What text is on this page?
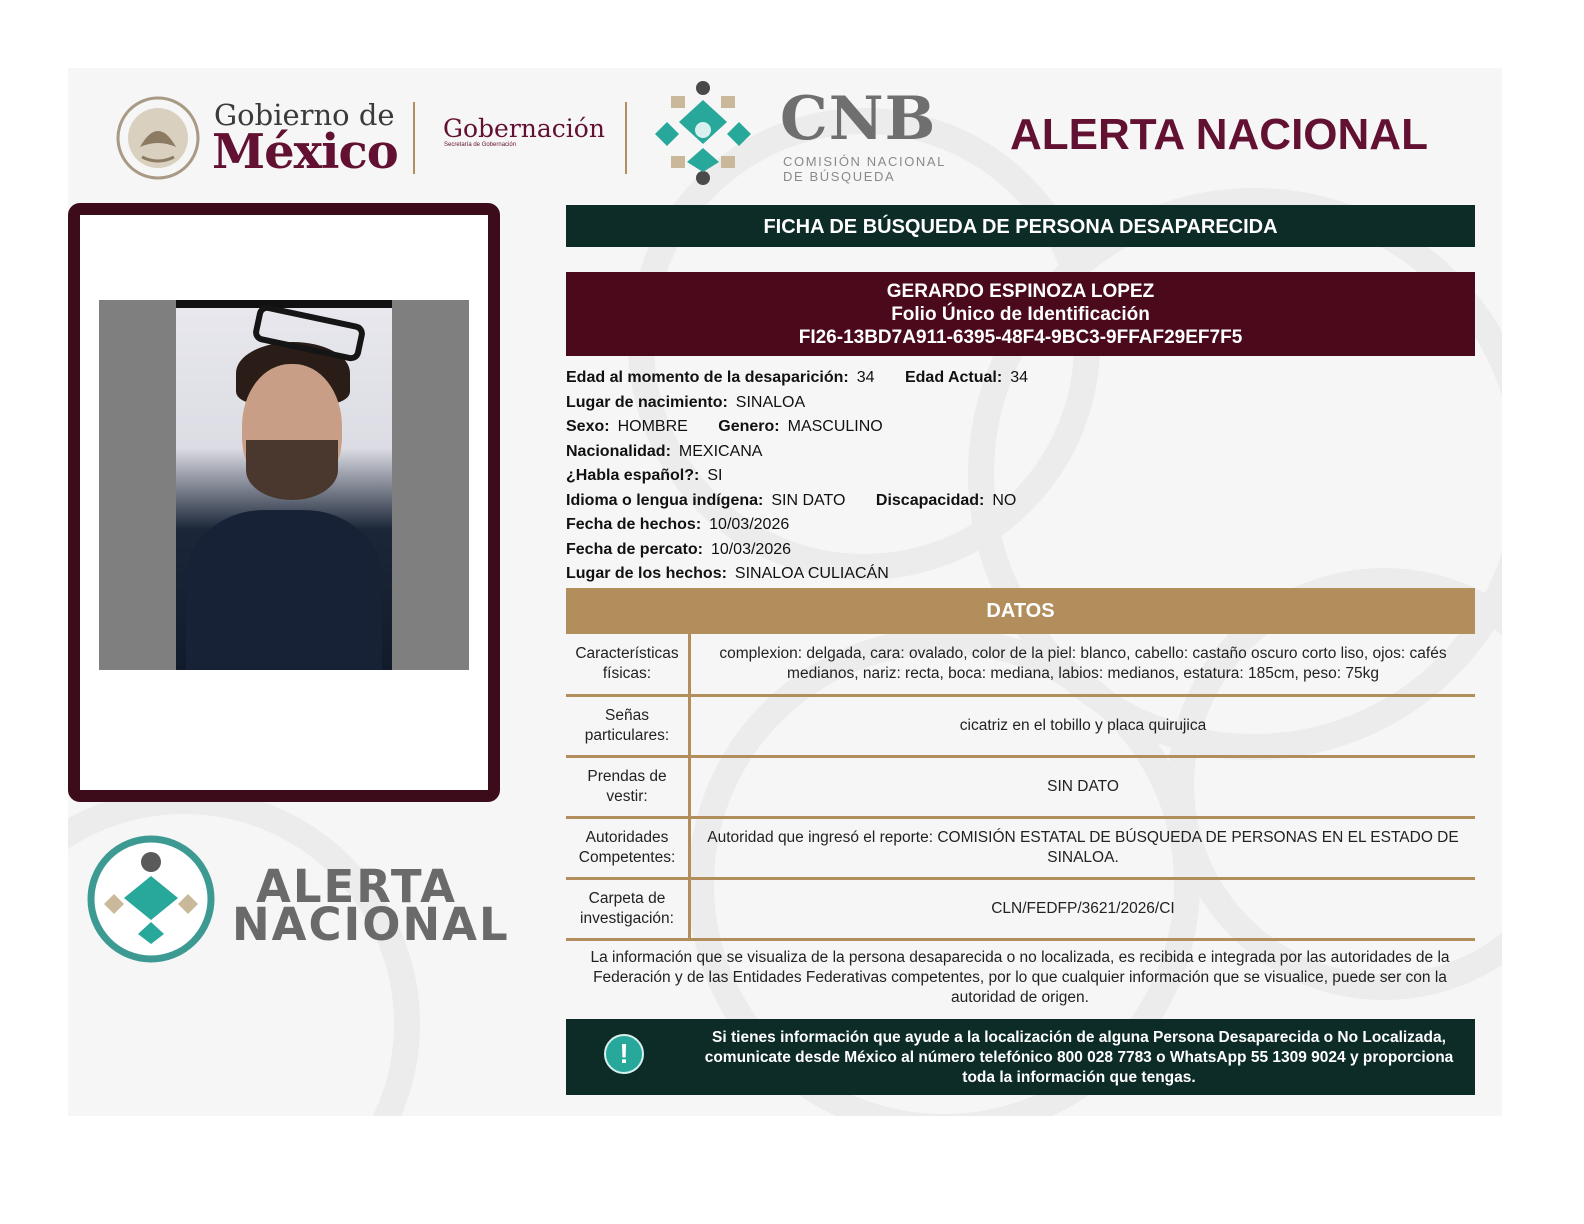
Gobierno de
México Gobernación
Secretaría de Gobernación	CNB
COMISIÓN NACIONAL
DE BÚSQUEDA
ALERTA NACIONAL
ALERTA
NACIONAL
FICHA DE BÚSQUEDA DE PERSONA DESAPARECIDA
GERARDO ESPINOZA LOPEZ
Folio Único de Identificación
FI26-13BD7A911-6395-48F4-9BC3-9FFAF29EF7F5
Edad al momento de la desaparición: 34 Edad Actual: 34
Lugar de nacimiento: SINALOA
Sexo: HOMBRE Genero: MASCULINO
Nacionalidad: MEXICANA
¿Habla español?: SI
Idioma o lengua indígena: SIN DATO Discapacidad: NO
Fecha de hechos: 10/03/2026
Fecha de percato: 10/03/2026
Lugar de los hechos: SINALOA CULIACÁN
DATOS
Características
físicas:	complexion: delgada, cara: ovalado, color de la piel: blanco, cabello: castaño oscuro corto liso, ojos: cafés medianos, nariz: recta, boca: mediana, labios: medianos, estatura: 185cm, peso: 75kg
Señas
particulares:	cicatriz en el tobillo y placa quirujica
Prendas de
vestir:	SIN DATO
Autoridades
Competentes:	Autoridad que ingresó el reporte: COMISIÓN ESTATAL DE BÚSQUEDA DE PERSONAS EN EL ESTADO DE SINALOA.
Carpeta de
investigación:	CLN/FEDFP/3621/2026/CI
La información que se visualiza de la persona desaparecida o no localizada, es recibida e integrada por las autoridades de la Federación y de las Entidades Federativas competentes, por lo que cualquier información que se visualice, puede ser con la autoridad de origen.
!
Si tienes información que ayude a la localización de alguna Persona Desaparecida o No Localizada, comunicate desde México al número telefónico 800 028 7783 o WhatsApp 55 1309 9024 y proporciona toda la información que tengas.
